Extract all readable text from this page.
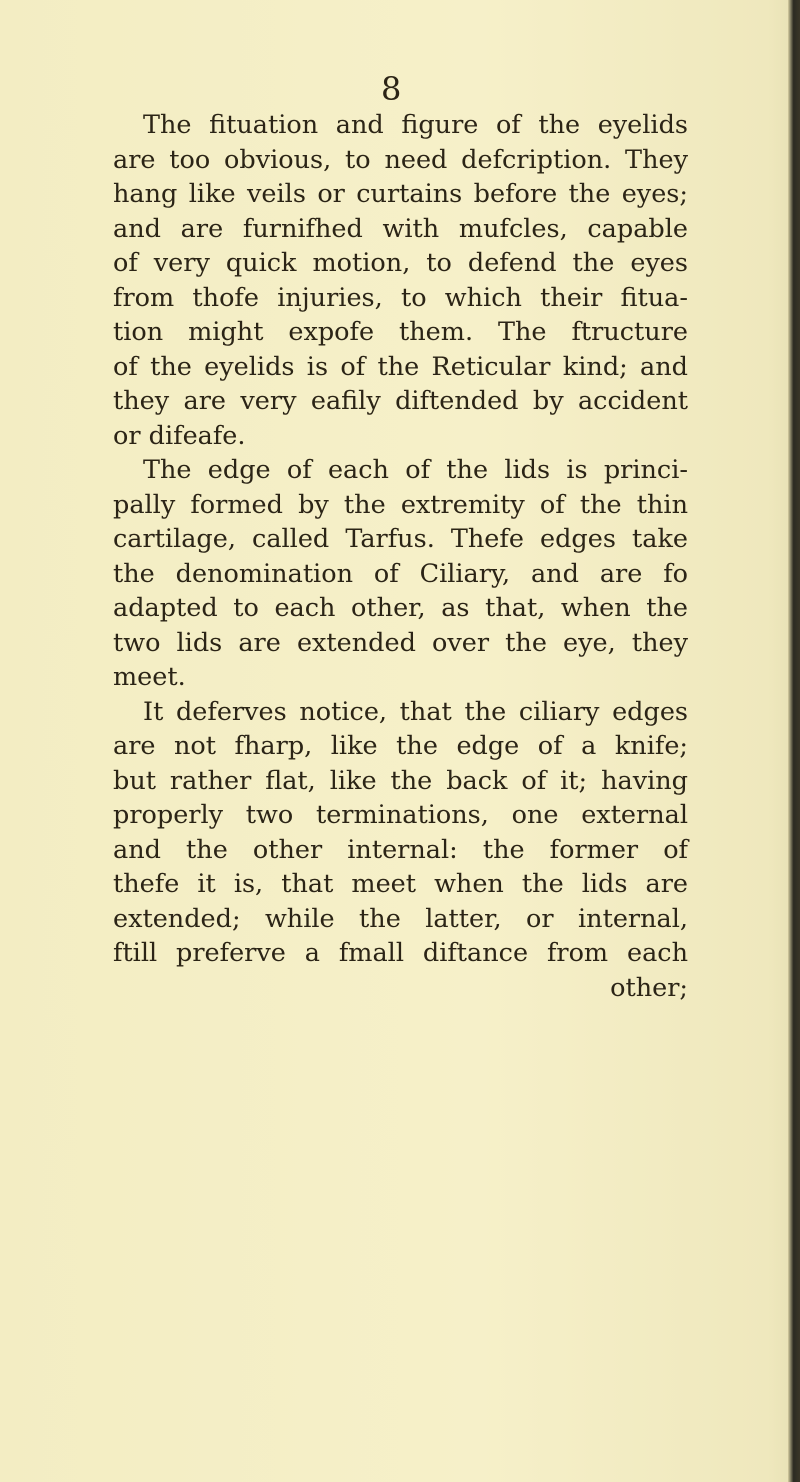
8
The fituation and figure of the eyelids
are too obvious, to need defcription. They
hang like veils or curtains before the eyes;
and are furnifhed with mufcles, capable
of very quick motion, to defend the eyes
from thofe injuries, to which their fitua-
tion might expofe them. The ftructure
of the eyelids is of the Reticular kind; and
they are very eafily diftended by accident
or difeafe.
The edge of each of the lids is princi-
pally formed by the extremity of the thin
cartilage, called Tarfus. Thefe edges take
the denomination of Ciliary, and are fo
adapted to each other, as that, when the
two lids are extended over the eye, they
meet.
It deferves notice, that the ciliary edges
are not fharp, like the edge of a knife;
but rather flat, like the back of it; having
properly two terminations, one external
and the other internal: the former of
thefe it is, that meet when the lids are
extended; while the latter, or internal,
ftill preferve a fmall diftance from each
other;
